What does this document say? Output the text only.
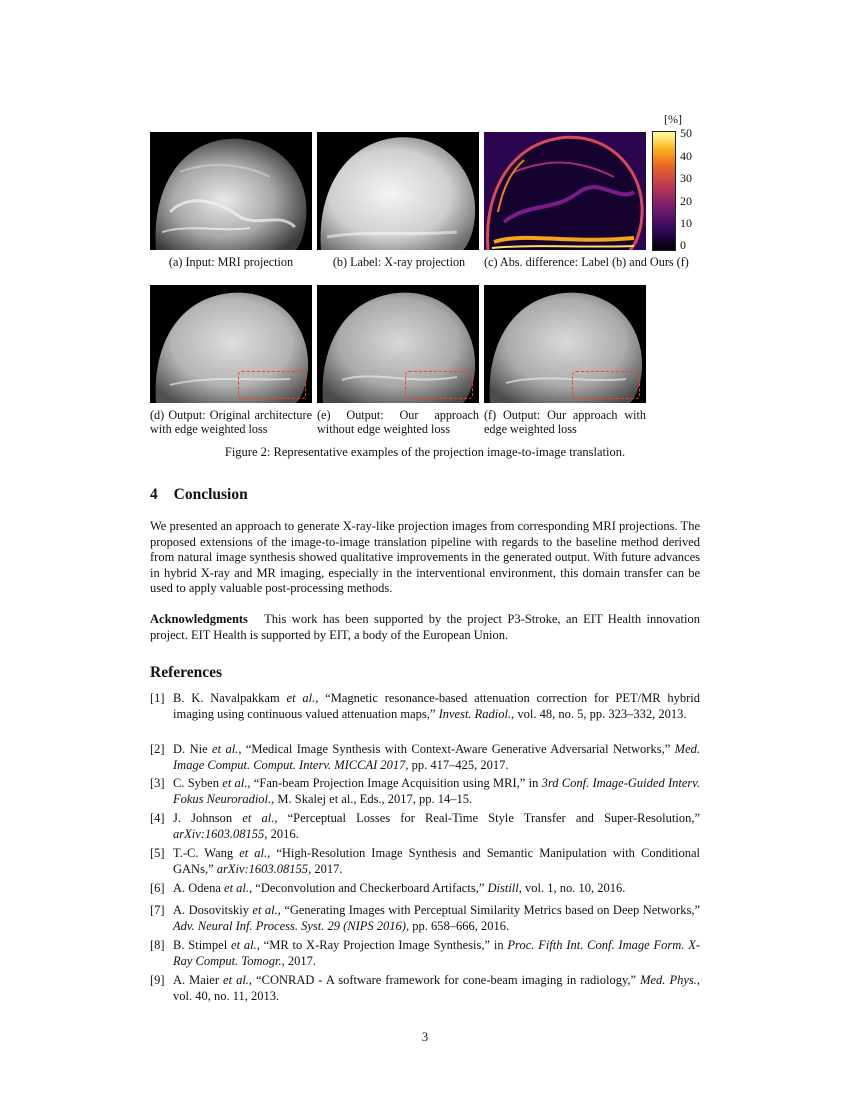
[%]
50
40
30
20
10
0
(a) Input: MRI projection	(b) Label: X-ray projection	(c) Abs. difference: Label (b) and Ours (f)
(d) Output: Original architecture with edge weighted loss
(e) Output: Our approach without edge weighted loss
(f) Output: Our approach with edge weighted loss
Figure 2: Representative examples of the projection image-to-image translation.
4 Conclusion
We presented an approach to generate X-ray-like projection images from corresponding MRI projections. The proposed extensions of the image-to-image translation pipeline with regards to the baseline method derived from natural image synthesis showed qualitative improvements in the generated output. With future advances in hybrid X-ray and MR imaging, especially in the interventional environment, this domain transfer can be used to apply valuable post-processing methods.
Acknowledgments This work has been supported by the project P3-Stroke, an EIT Health innovation project. EIT Health is supported by EIT, a body of the European Union.
References
[1] B. K. Navalpakkam et al., “Magnetic resonance-based attenuation correction for PET/MR hybrid imaging using continuous valued attenuation maps,” Invest. Radiol., vol. 48, no. 5, pp. 323–332, 2013.
[2] D. Nie et al., “Medical Image Synthesis with Context-Aware Generative Adversarial Networks,” Med. Image Comput. Comput. Interv. MICCAI 2017, pp. 417–425, 2017.
[3] C. Syben et al., “Fan-beam Projection Image Acquisition using MRI,” in 3rd Conf. Image-Guided Interv. Fokus Neuroradiol., M. Skalej et al., Eds., 2017, pp. 14–15.
[4] J. Johnson et al., “Perceptual Losses for Real-Time Style Transfer and Super-Resolution,” arXiv:1603.08155, 2016.
[5] T.-C. Wang et al., “High-Resolution Image Synthesis and Semantic Manipulation with Conditional GANs,” arXiv:1603.08155, 2017.
[6] A. Odena et al., “Deconvolution and Checkerboard Artifacts,” Distill, vol. 1, no. 10, 2016.
[7] A. Dosovitskiy et al., “Generating Images with Perceptual Similarity Metrics based on Deep Networks,” Adv. Neural Inf. Process. Syst. 29 (NIPS 2016), pp. 658–666, 2016.
[8] B. Stimpel et al., “MR to X-Ray Projection Image Synthesis,” in Proc. Fifth Int. Conf. Image Form. X-Ray Comput. Tomogr., 2017.
[9] A. Maier et al., “CONRAD - A software framework for cone-beam imaging in radiology,” Med. Phys., vol. 40, no. 11, 2013.
3
